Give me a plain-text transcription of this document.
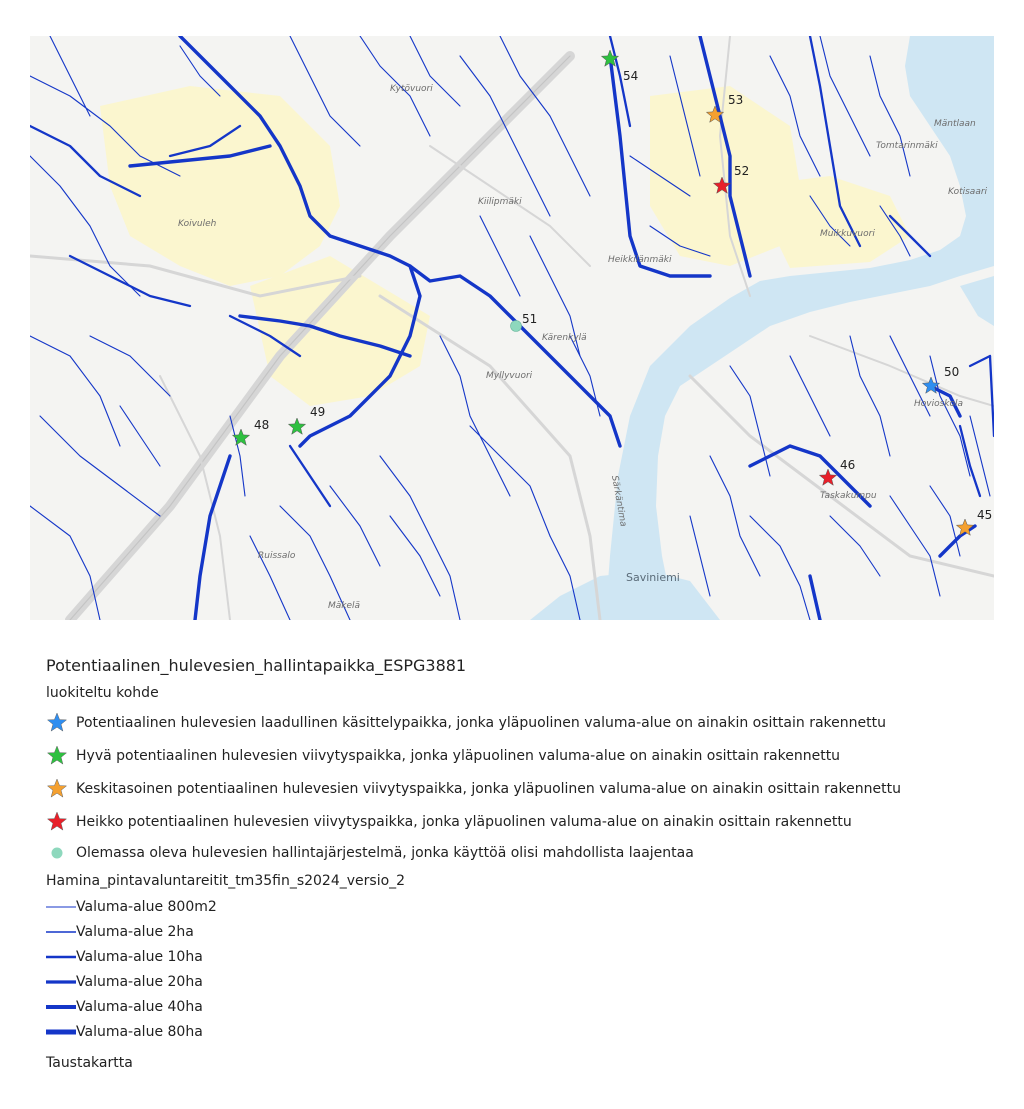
Kytövuori
Koivuleh
Kiilipmäki
Myllyvuori
Kärenkylä
Ruissalo
Heikkilänmäki
Tomtarinmäki
Hovioskola
Taskakumpu
Muikkuvuori
Mäkelä
Saviniemi
Mäntlaan
Kotisaari
Särkäntima	45
46
48
49
50
51
52
53
54
Potentiaalinen_hulevesien_hallintapaikka_ESPG3881
luokiteltu kohde
Potentiaalinen hulevesien laadullinen käsittelypaikka, jonka yläpuolinen valuma-alue on ainakin osittain rakennettu
Hyvä potentiaalinen hulevesien viivytyspaikka, jonka yläpuolinen valuma-alue on ainakin osittain rakennettu
Keskitasoinen potentiaalinen hulevesien viivytyspaikka, jonka yläpuolinen valuma-alue on ainakin osittain rakennettu
Heikko potentiaalinen hulevesien viivytyspaikka, jonka yläpuolinen valuma-alue on ainakin osittain rakennettu
Olemassa oleva hulevesien hallintajärjestelmä, jonka käyttöä olisi mahdollista laajentaa
Hamina_pintavaluntareitit_tm35fin_s2024_versio_2
Valuma-alue 800m2
Valuma-alue 2ha
Valuma-alue 10ha
Valuma-alue 20ha
Valuma-alue 40ha
Valuma-alue 80ha
Taustakartta
